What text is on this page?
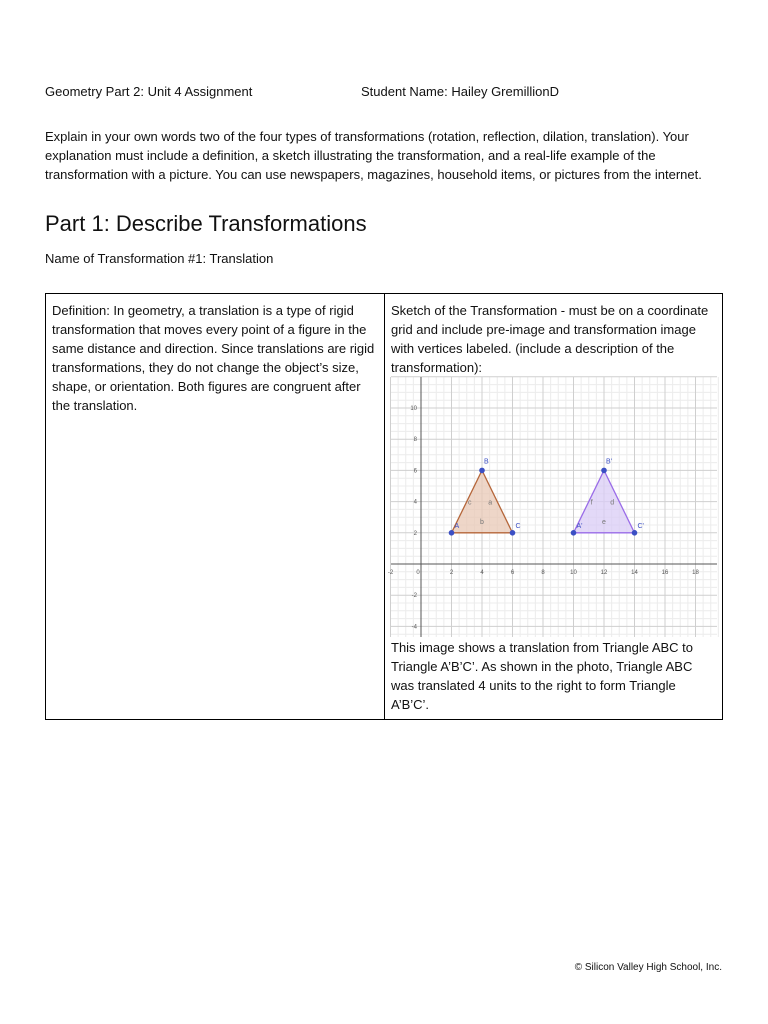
Geometry Part 2: Unit 4 Assignment	Student Name: Hailey GremillionD
Explain in your own words two of the four types of transformations (rotation, reflection, dilation, translation). Your explanation must include a definition, a sketch illustrating the transformation, and a real-life example of the transformation with a picture. You can use newspapers, magazines, household items, or pictures from the internet.
Part 1: Describe Transformations
Name of Transformation #1: Translation
Definition: In geometry, a translation is a type of rigid transformation that moves every point of a figure in the same distance and direction. Since translations are rigid transformations, they do not change the object’s size, shape, or orientation. Both figures are congruent after the translation.
Sketch of the Transformation - must be on a coordinate grid and include pre-image and transformation image with vertices labeled. (include a description of the transformation):
-2	0	2	4	6	8	10	12	14	16	18
-4
-2
2
4
6
8
10
c a
b
A
B
C
f	d
e
A'
B'
C'
This image shows a translation from Triangle ABC to Triangle A’B’C’. As shown in the photo, Triangle ABC was translated 4 units to the right to form Triangle A’B’C’.
© Silicon Valley High School, Inc.
